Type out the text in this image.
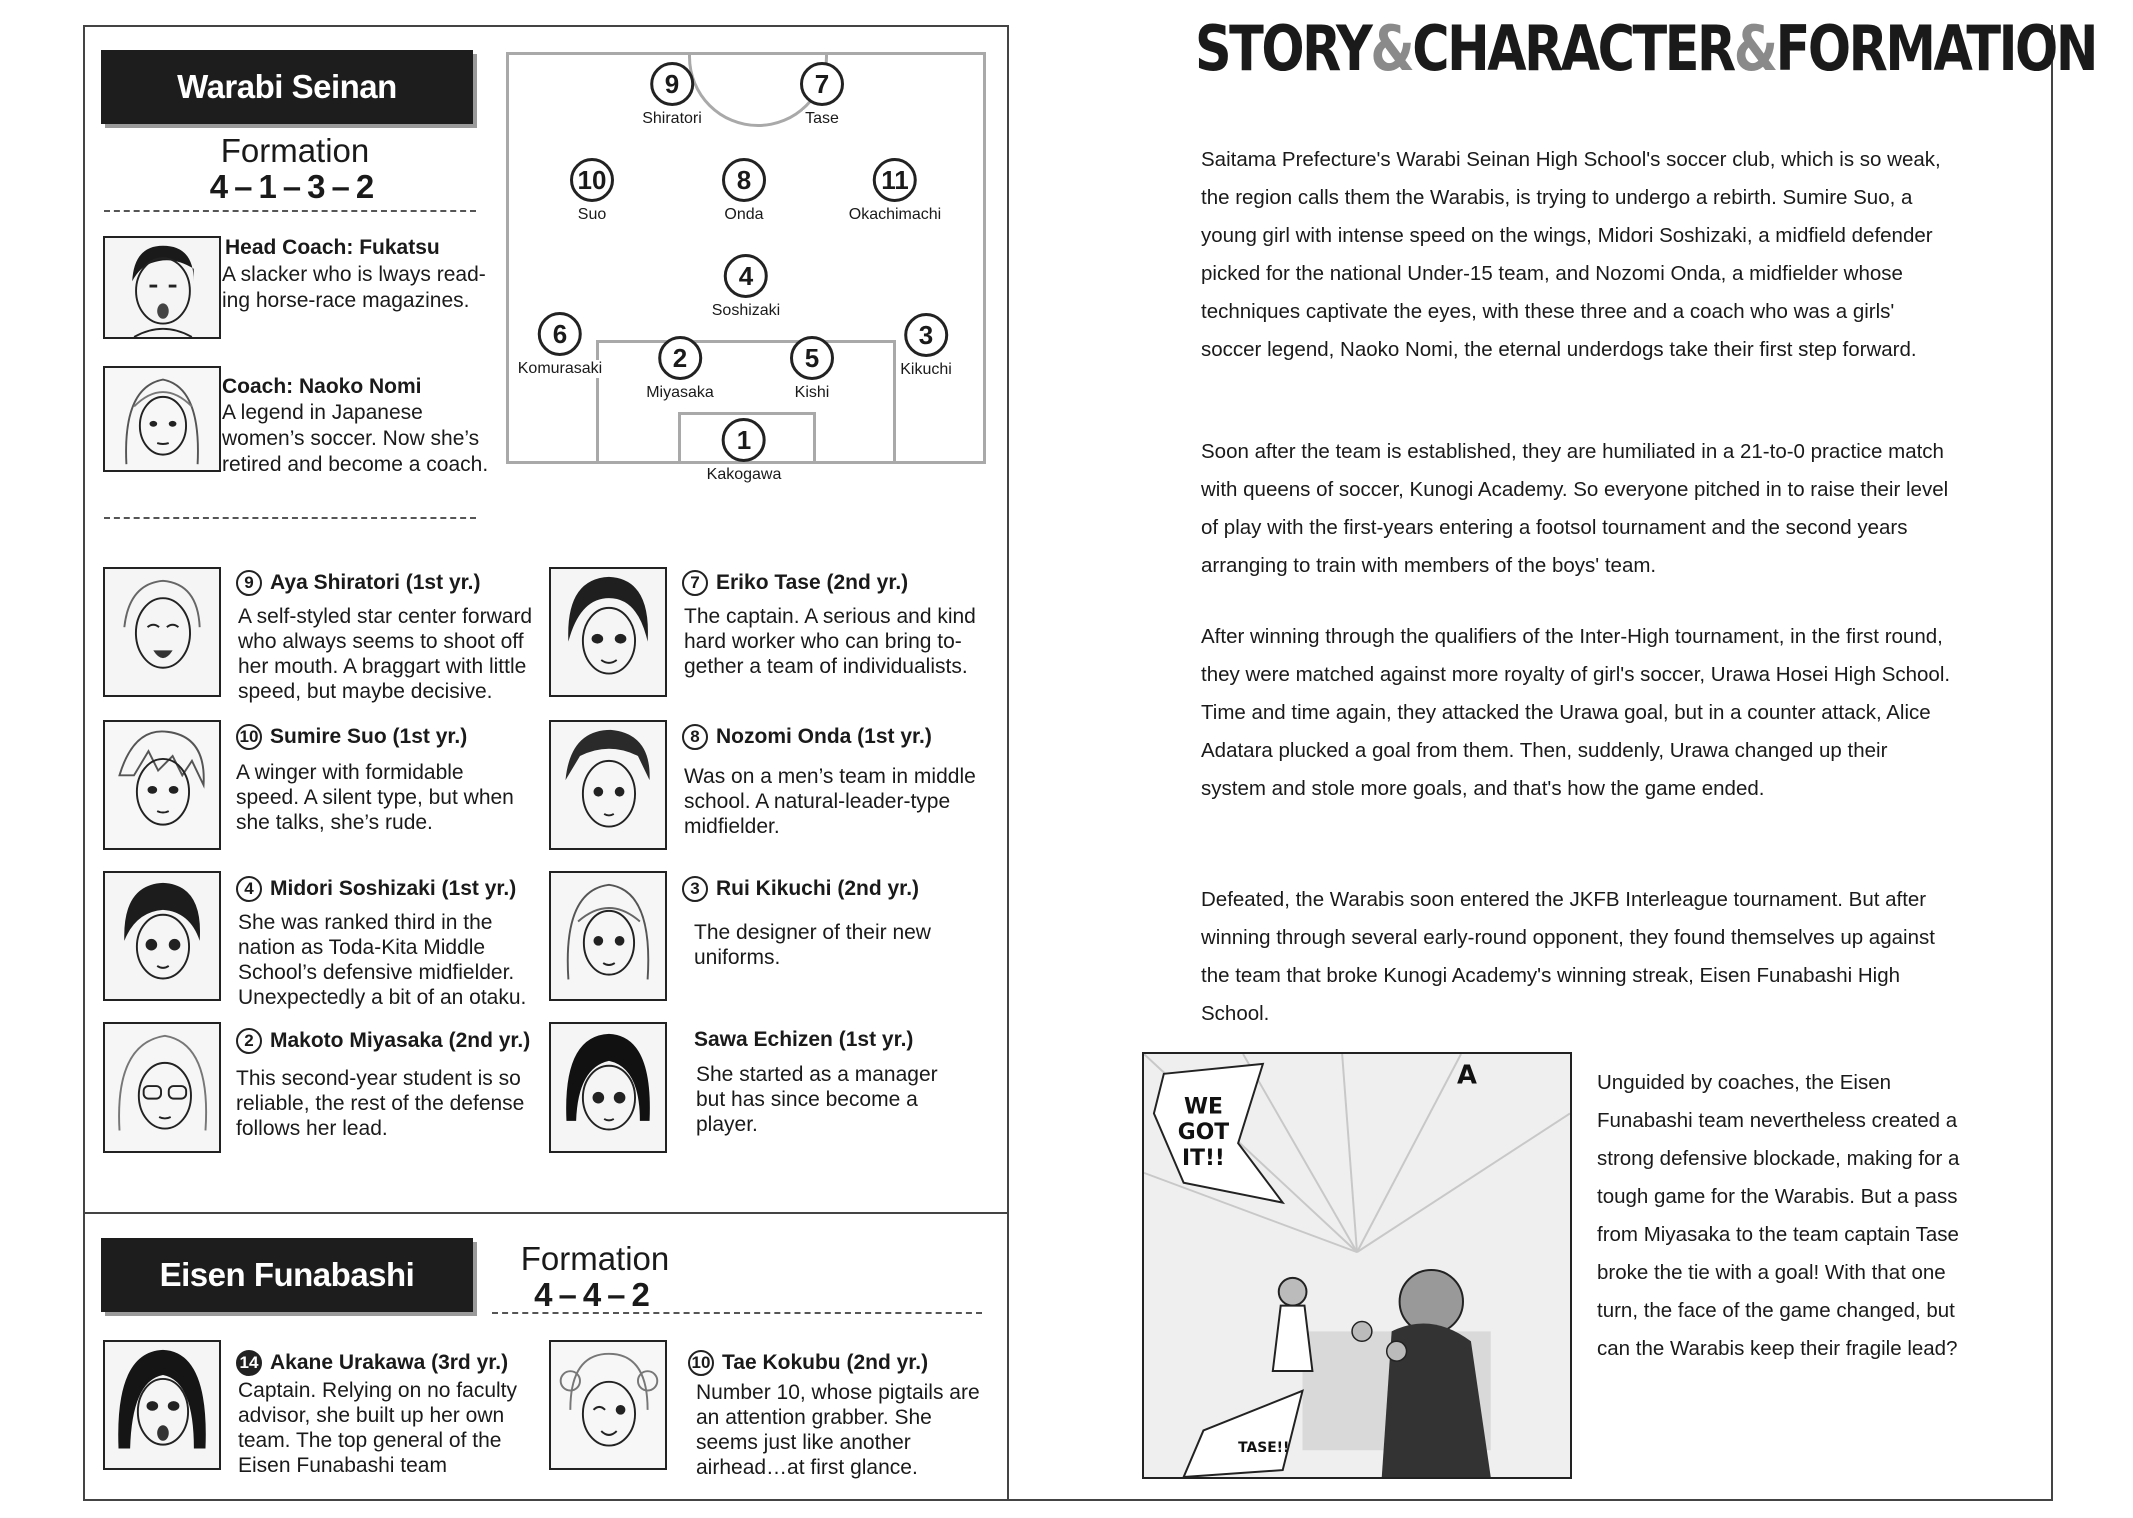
Warabi Seinan
Formation
4–1–3–2
Head Coach: Fukatsu
A slacker who is lways read- ing horse-race magazines.
Coach: Naoko Nomi
A legend in Japanese women’s soccer. Now she’s retired and become a coach.
9
Shiratori
7
Tase
10
Suo
8
Onda
11
Okachimachi
4
Soshizaki
6
Komurasaki	2
Miyasaka
5
Kishi
3
Kikuchi
1
Kakogawa
9 Aya Shiratori (1st yr.)
A self-styled star center forward who always seems to shoot off her mouth. A braggart with little speed, but maybe decisive.
10 Sumire Suo (1st yr.)
A winger with formidable speed. A silent type, but when she talks, she’s rude.
4 Midori Soshizaki (1st yr.)
She was ranked third in the nation as Toda-Kita Middle School’s defensive midfielder. Unexpectedly a bit of an otaku.
2 Makoto Miyasaka (2nd yr.)
This second-year student is so reliable, the rest of the defense follows her lead.
7 Eriko Tase (2nd yr.)
The captain. A serious and kind hard worker who can bring to- gether a team of individualists.
8 Nozomi Onda (1st yr.)
Was on a men’s team in middle school. A natural-leader-type midfielder.
3 Rui Kikuchi (2nd yr.)
The designer of their new uniforms.
Sawa Echizen (1st yr.)
She started as a manager but has since become a player.
Eisen Funabashi	Formation
4–4–2
14 Akane Urakawa (3rd yr.)
Captain. Relying on no faculty advisor, she built up her own team. The top general of the Eisen Funabashi team
10 Tae Kokubu (2nd yr.)
Number 10, whose pigtails are an attention grabber. She seems just like another airhead…at first glance.
STORY&CHARACTER&FORMATION
Saitama Prefecture's Warabi Seinan High School's soccer club, which is so weak, the region calls them the Warabis, is trying to undergo a rebirth. Sumire Suo, a young girl with intense speed on the wings, Midori Soshizaki, a midfield defender picked for the national Under-15 team, and Nozomi Onda, a midfielder whose techniques captivate the eyes, with these three and a coach who was a girls' soccer legend, Naoko Nomi, the eternal underdogs take their first step forward.
Soon after the team is established, they are humiliated in a 21-to-0 practice match with queens of soccer, Kunogi Academy. So everyone pitched in to raise their level of play with the first-years entering a footsol tournament and the second years arranging to train with members of the boys' team.
After winning through the qualifiers of the Inter-High tournament, in the first round, they were matched against more royalty of girl's soccer, Urawa Hosei High School. Time and time again, they attacked the Urawa goal, but in a counter attack, Alice Adatara plucked a goal from them. Then, suddenly, Urawa changed up their system and stole more goals, and that's how the game ended.
Defeated, the Warabis soon entered the JKFB Interleague tournament. But after winning through several early-round opponent, they found themselves up against the team that broke Kunogi Academy's winning streak, Eisen Funabashi High School.
Unguided by coaches, the Eisen Funabashi team nevertheless created a strong defensive blockade, making for a tough game for the Warabis. But a pass from Miyasaka to the team captain Tase broke the tie with a goal! With that one turn, the face of the game changed, but can the Warabis keep their fragile lead?
WE
GOT
IT!!
A
TASE!!
